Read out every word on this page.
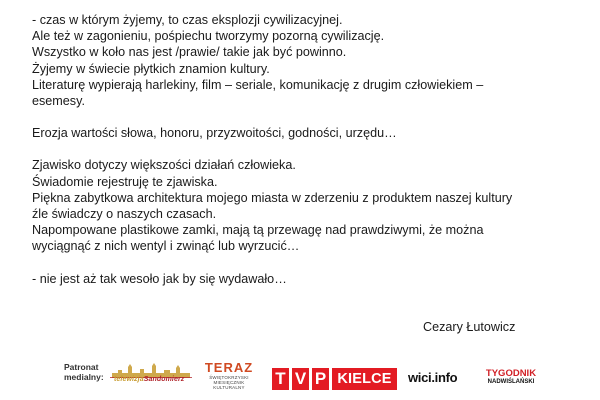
- czas w którym żyjemy, to czas eksplozji cywilizacyjnej.
Ale też w zagonieniu, pośpiechu tworzymy pozorną cywilizację.
Wszystko w koło nas jest /prawie/ takie jak być powinno.
Żyjemy w świecie płytkich znamion kultury.
Literaturę wypierają harlekiny, film – seriale, komunikację z drugim człowiekiem –
esemesy.
Erozja wartości słowa, honoru, przyzwoitości, godności, urzędu…
Zjawisko dotyczy większości działań człowieka.
Świadomie rejestruję te zjawiska.
Piękna zabytkowa architektura mojego miasta w zderzeniu z produktem naszej kultury
źle świadczy o naszych czasach.
Napompowane plastikowe zamki, mają tą przewagę nad prawdziwymi, że można
wyciągnąć z nich wentyl i zwinąć lub wyrzucić…
- nie jest aż tak wesoło jak by się wydawało…
Cezary Łutowicz
Patronat
medialny: telewizjaSandomierz
TERAZ
ŚWIĘTOKRZYSKI
MIESIĘCZNIK KULTURALNY	T V P KIELCE	wici.info	TYGODNIK
NADWIŚLAŃSKI
